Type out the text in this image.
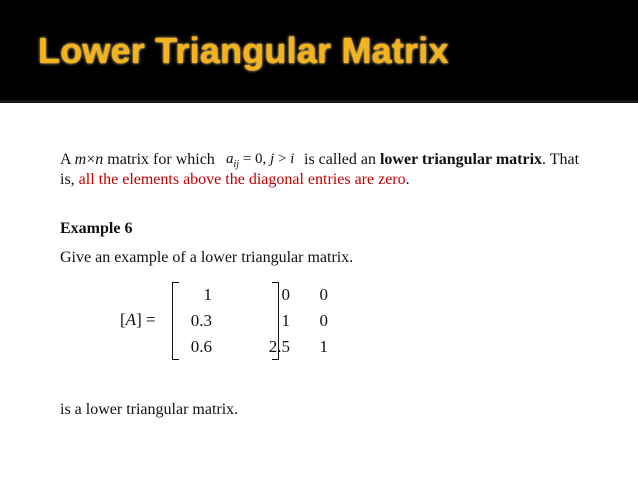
Lower Triangular Matrix
A m×n matrix for which $a_{ij} = 0$, j > i is called an lower triangular matrix. That
is, all the elements above the diagonal entries are zero.
Example 6
Give an example of a lower triangular matrix.
[A] =
1	0	0
0.3	1	0
0.6	2.5	1
is a lower triangular matrix.
